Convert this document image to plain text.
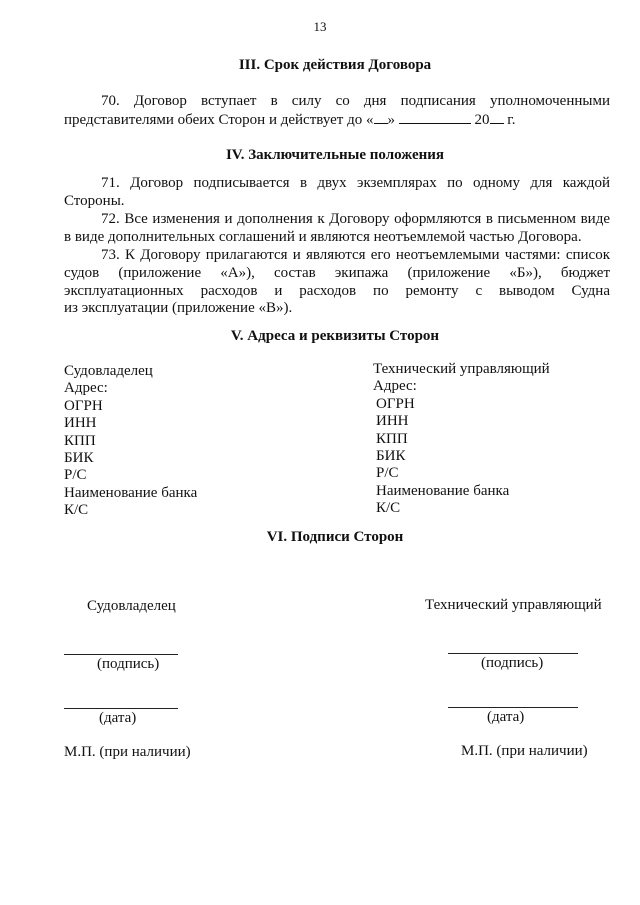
13
III. Срок действия Договора
70. Договор вступает в силу со дня подписания уполномоченными
представителями обеих Сторон и действует до « »	20 г.
IV. Заключительные положения
71. Договор подписывается в двух экземплярах по одному для каждой
Стороны.
72. Все изменения и дополнения к Договору оформляются в письменном виде
в виде дополнительных соглашений и являются неотъемлемой частью Договора.
73. К Договору прилагаются и являются его неотъемлемыми частями: список
судов (приложение «А»), состав экипажа (приложение «Б»), бюджет
эксплуатационных расходов и расходов по ремонту с выводом Судна
из эксплуатации (приложение «В»).
V. Адреса и реквизиты Сторон
Судовладелец
Адрес:
ОГРН
ИНН
КПП
БИК
Р/С
Наименование банка
К/С
Технический управляющий
Адрес:
ОГРН
ИНН
КПП
БИК
Р/С
Наименование банка
К/С
VI. Подписи Сторон
Судовладелец	Технический управляющий
(подпись)	(подпись)
(дата)	(дата)
М.П. (при наличии)	М.П. (при наличии)
